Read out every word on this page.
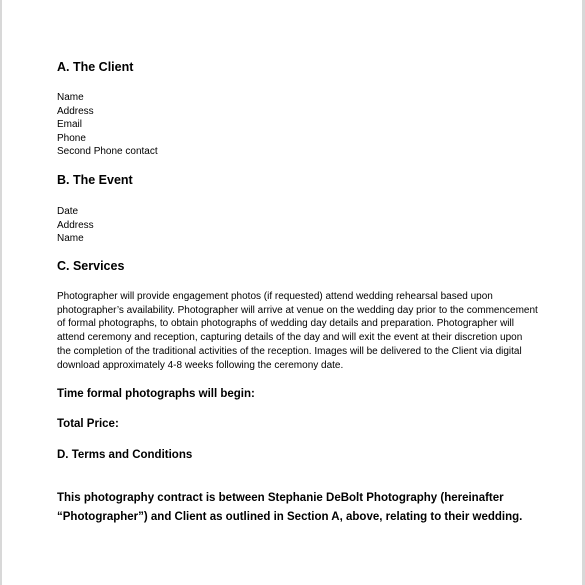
A. The Client
Name
Address
Email
Phone
Second Phone contact
B. The Event
Date
Address
Name
C. Services
Photographer will provide engagement photos (if requested) attend wedding rehearsal based upon
photographer’s availability. Photographer will arrive at venue on the wedding day prior to the commencement
of formal photographs, to obtain photographs of wedding day details and preparation. Photographer will
attend ceremony and reception, capturing details of the day and will exit the event at their discretion upon
the completion of the traditional activities of the reception. Images will be delivered to the Client via digital
download approximately 4-8 weeks following the ceremony date.
Time formal photographs will begin:
Total Price:
D. Terms and Conditions
This photography contract is between Stephanie DeBolt Photography (hereinafter
“Photographer”) and Client as outlined in Section A, above, relating to their wedding.
